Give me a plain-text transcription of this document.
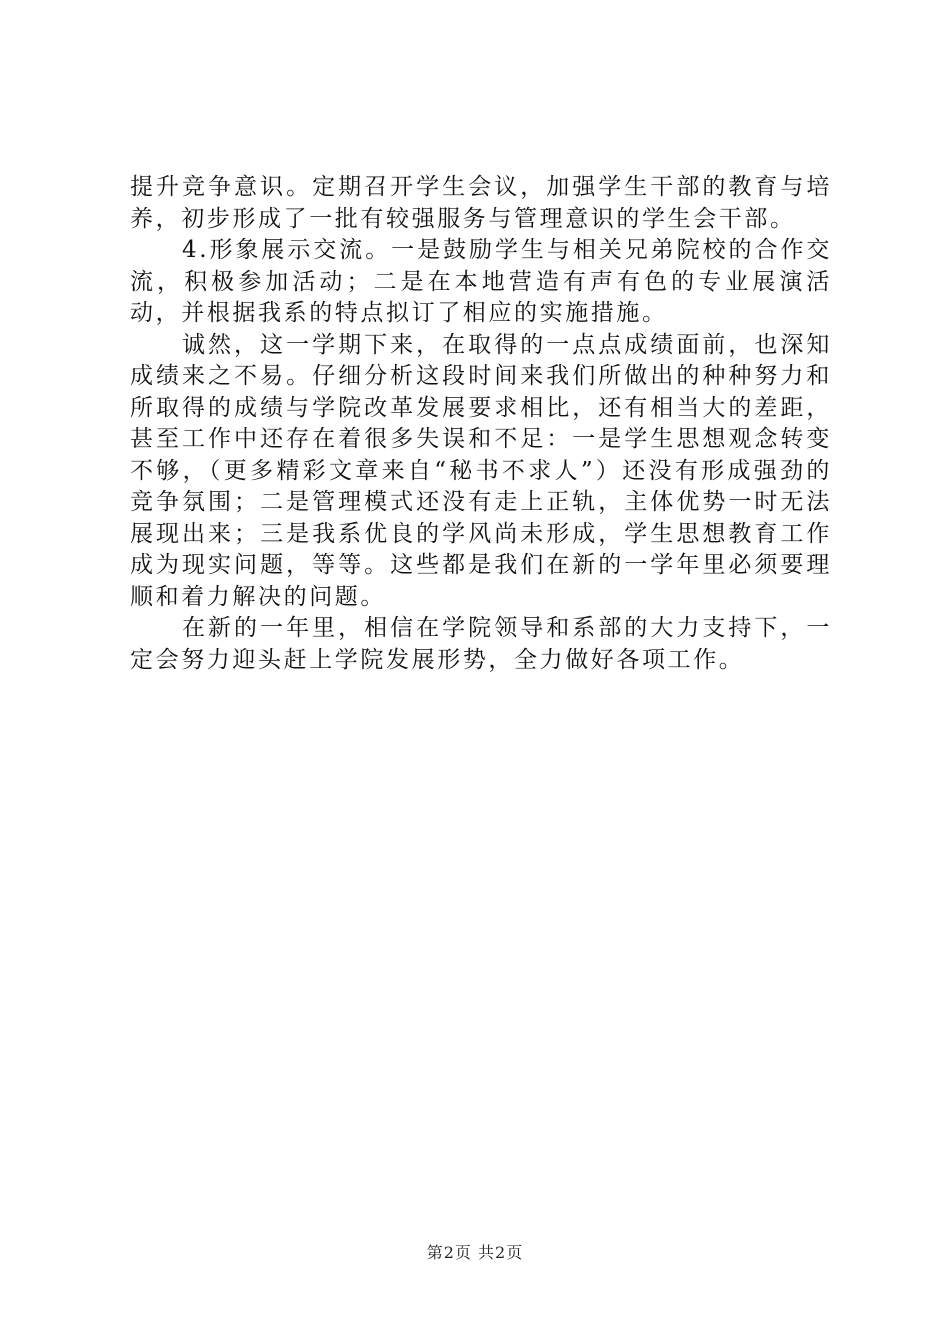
提升竞争意识。定期召开学生会议，加强学生干部的教育与培养，初步形成了一批有较强服务与管理意识的学生会干部。

4.形象展示交流。一是鼓励学生与相关兄弟院校的合作交流，积极参加活动；二是在本地营造有声有色的专业展演活动，并根据我系的特点拟订了相应的实施措施。

诚然，这一学期下来，在取得的一点点成绩面前，也深知成绩来之不易。仔细分析这段时间来我们所做出的种种努力和所取得的成绩与学院改革发展要求相比，还有相当大的差距，甚至工作中还存在着很多失误和不足：一是学生思想观念转变不够，（更多精彩文章来自“秘书不求人”）还没有形成强劲的竞争氛围；二是管理模式还没有走上正轨，主体优势一时无法展现出来；三是我系优良的学风尚未形成，学生思想教育工作成为现实问题，等等。这些都是我们在新的一学年里必须要理顺和着力解决的问题。

在新的一年里，相信在学院领导和系部的大力支持下，一定会努力迎头赶上学院发展形势，全力做好各项工作。

第2页 共2页
